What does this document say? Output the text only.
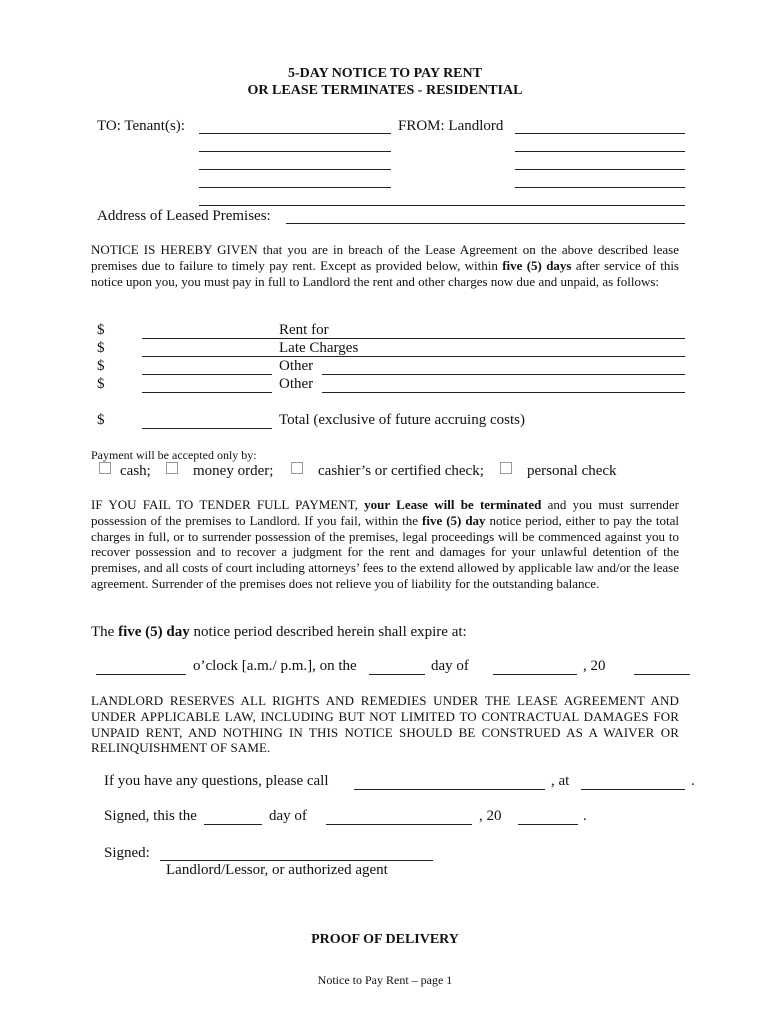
5-DAY NOTICE TO PAY RENT
OR LEASE TERMINATES - RESIDENTIAL
TO: Tenant(s):	FROM: Landlord
Address of Leased Premises:
NOTICE IS HEREBY GIVEN that you are in breach of the Lease Agreement on the above described lease premises due to failure to timely pay rent. Except as provided below, within five (5) days after service of this notice upon you, you must pay in full to Landlord the rent and other charges now due and unpaid, as follows:
$	Rent for
$	Late Charges
$	Other
$	Other
$	Total (exclusive of future accruing costs)
Payment will be accepted only by:
cash;	money order;	cashier’s or certified check;	personal check
IF YOU FAIL TO TENDER FULL PAYMENT, your Lease will be terminated and you must surrender possession of the premises to Landlord. If you fail, within the five (5) day notice period, either to pay the total charges in full, or to surrender possession of the premises, legal proceedings will be commenced against you to recover possession and to recover a judgment for the rent and damages for your unlawful detention of the premises, and all costs of court including attorneys’ fees to the extend allowed by applicable law and/or the lease agreement. Surrender of the premises does not relieve you of liability for the outstanding balance.
The five (5) day notice period described herein shall expire at:
o’clock [a.m./ p.m.], on the	day of	, 20
LANDLORD RESERVES ALL RIGHTS AND REMEDIES UNDER THE LEASE AGREEMENT AND UNDER APPLICABLE LAW, INCLUDING BUT NOT LIMITED TO CONTRACTUAL DAMAGES FOR UNPAID RENT, AND NOTHING IN THIS NOTICE SHOULD BE CONSTRUED AS A WAIVER OR RELINQUISHMENT OF SAME.
If you have any questions, please call	, at	.
Signed, this the	day of	, 20	.
Signed:
Landlord/Lessor, or authorized agent
PROOF OF DELIVERY
Notice to Pay Rent – page 1
